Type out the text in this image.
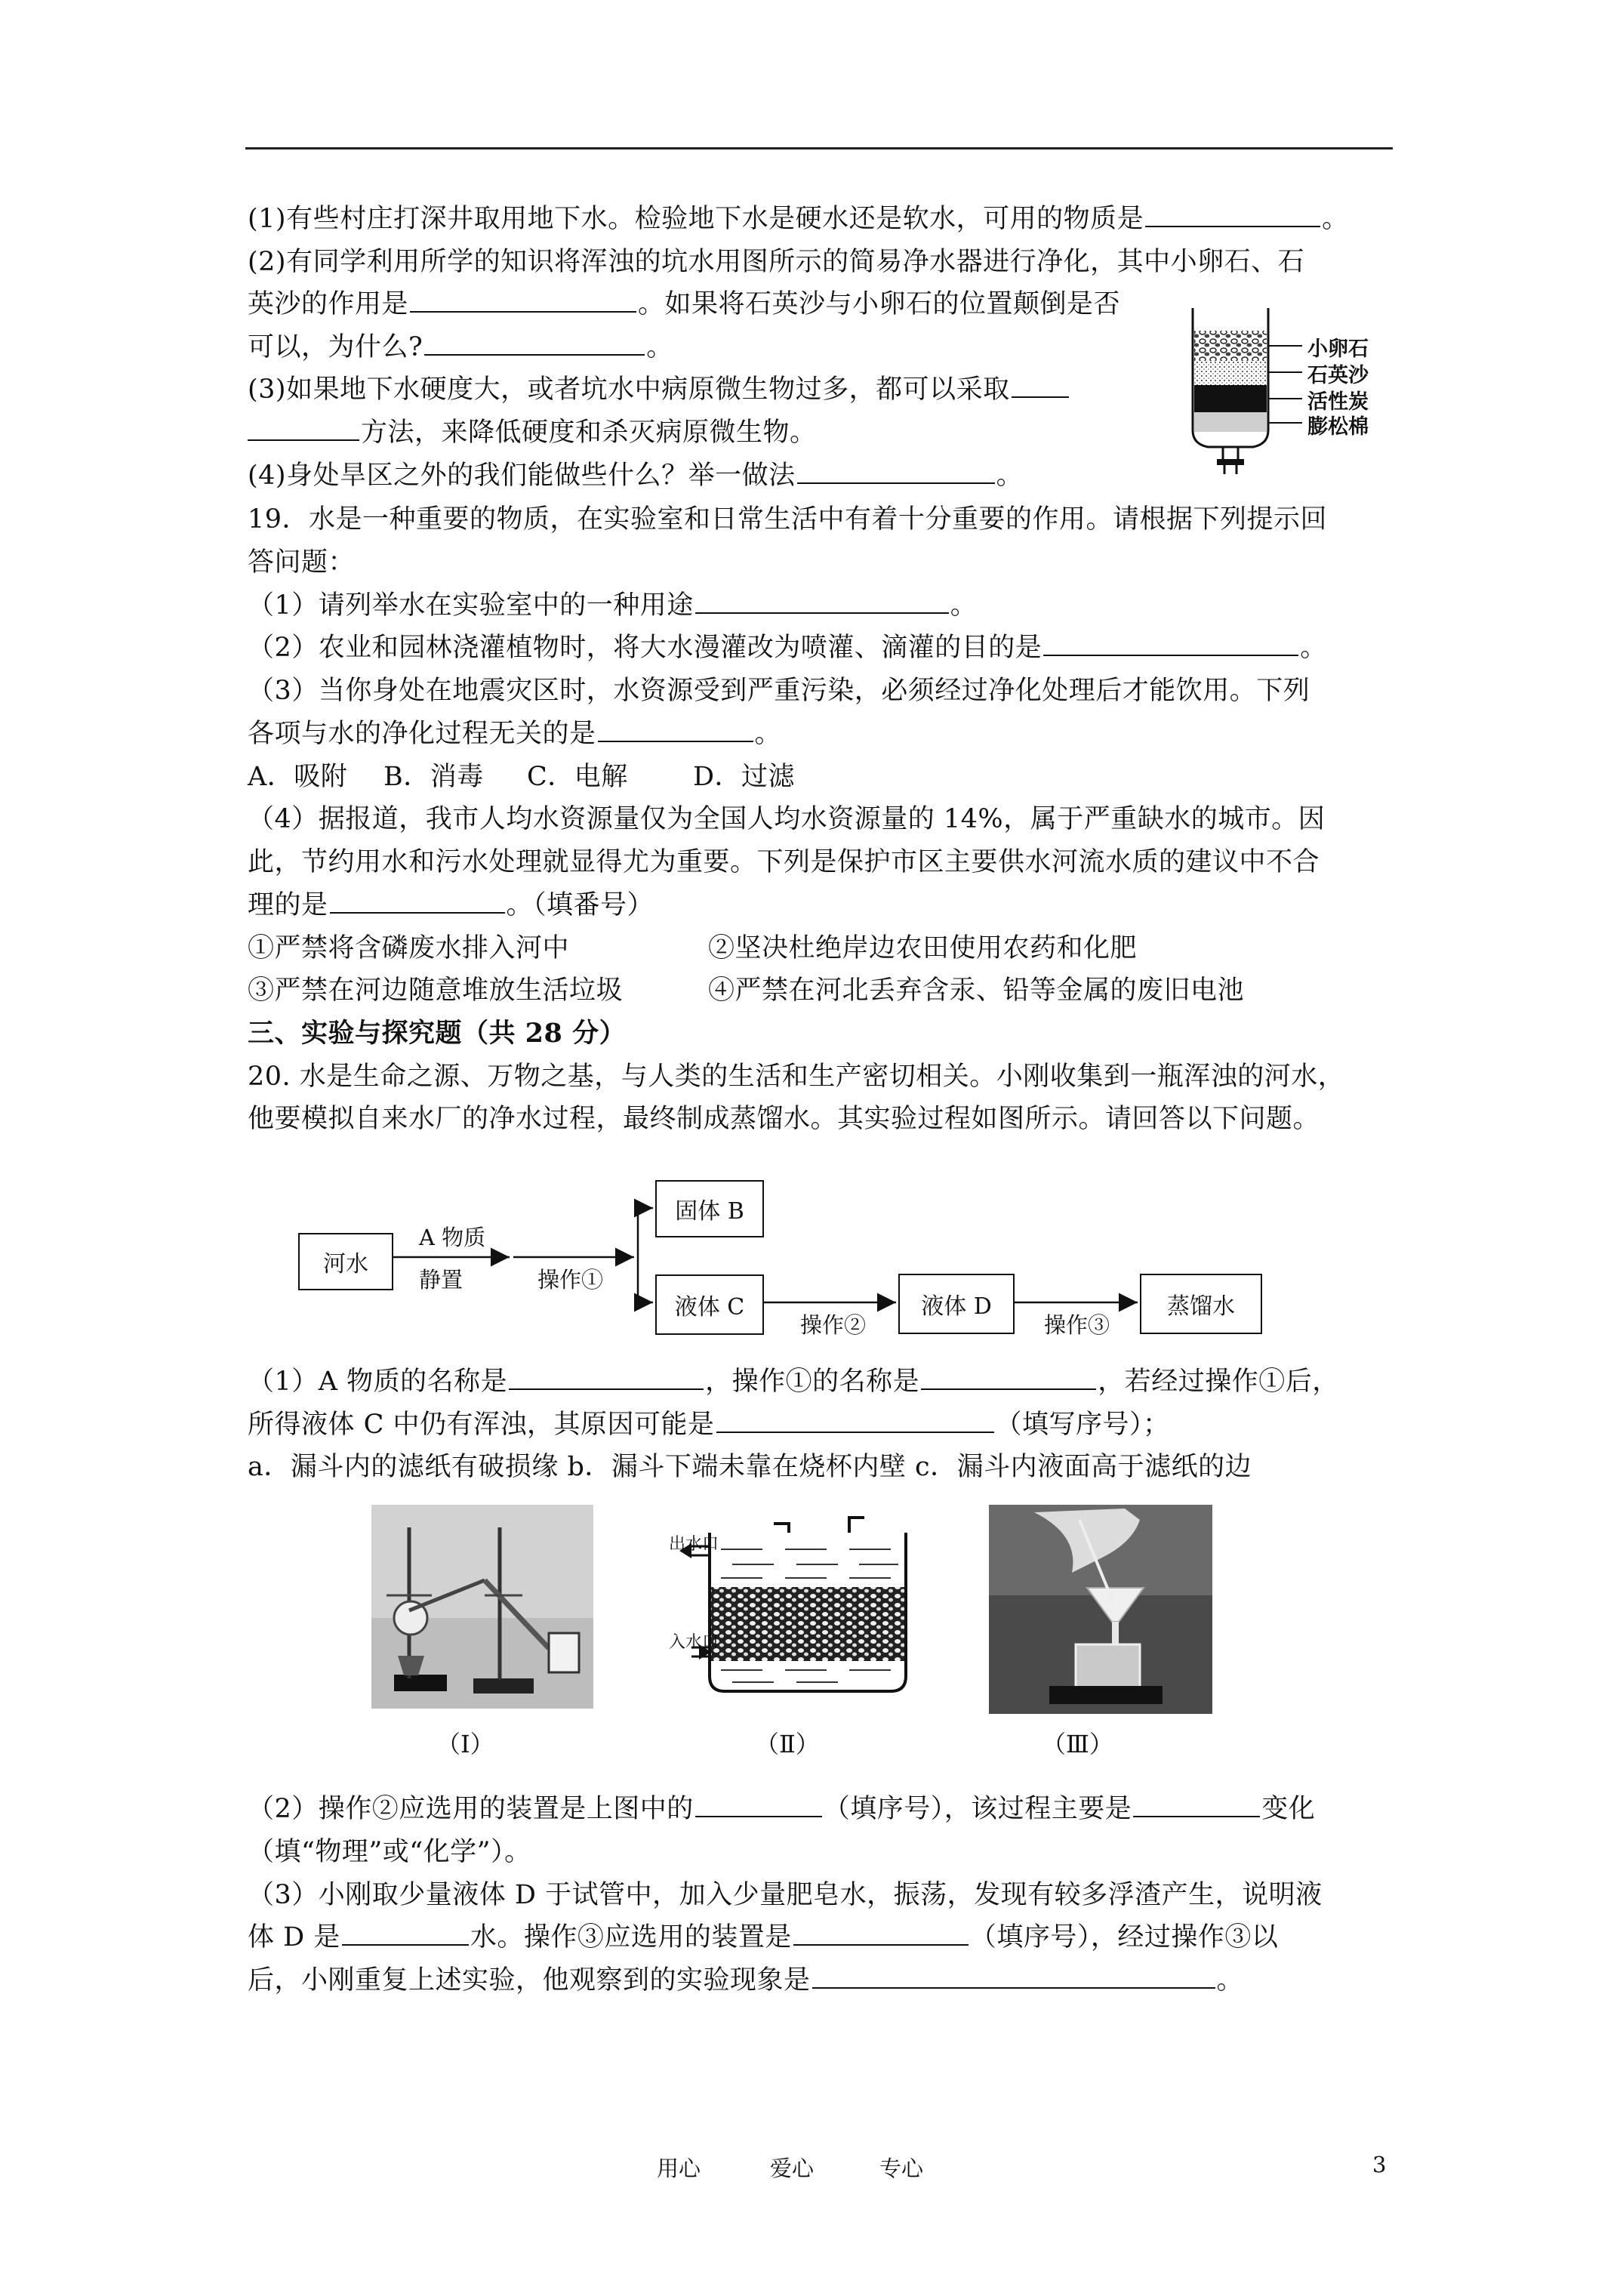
(1)有些村庄打深井取用地下水。检验地下水是硬水还是软水，可用的物质是	。
(2)有同学利用所学的知识将浑浊的坑水用图所示的简易净水器进行净化，其中小卵石、石
英沙的作用是	。如果将石英沙与小卵石的位置颠倒是否
可以，为什么?	。
(3)如果地下水硬度大，或者坑水中病原微生物过多，都可以采取
方法，来降低硬度和杀灭病原微生物。
(4)身处旱区之外的我们能做些什么？举一做法	。
小卵石
石英沙
活性炭
膨松棉
19．水是一种重要的物质，在实验室和日常生活中有着十分重要的作用。请根据下列提示回
答问题：
（1）请列举水在实验室中的一种用途	。
（2）农业和园林浇灌植物时，将大水漫灌改为喷灌、滴灌的目的是	。
（3）当你身处在地震灾区时，水资源受到严重污染，必须经过净化处理后才能饮用。下列
各项与水的净化过程无关的是	。
A．吸附 B．消毒 C．电解 D．过滤
（4）据报道，我市人均水资源量仅为全国人均水资源量的 14%，属于严重缺水的城市。因
此，节约用水和污水处理就显得尤为重要。下列是保护市区主要供水河流水质的建议中不合
理的是	。（填番号）
①严禁将含磷废水排入河中	②坚决杜绝岸边农田使用农药和化肥
③严禁在河边随意堆放生活垃圾	④严禁在河北丢弃含汞、铅等金属的废旧电池
三、实验与探究题（共 28 分）
20. 水是生命之源、万物之基，与人类的生活和生产密切相关。小刚收集到一瓶浑浊的河水，
他要模拟自来水厂的净水过程，最终制成蒸馏水。其实验过程如图所示。请回答以下问题。
河水
A 物质
静置	操作①
固体 B
液体 C
操作②
液体 D
操作③
蒸馏水
（1）A 物质的名称是	，操作①的名称是	，若经过操作①后，
所得液体 C 中仍有浑浊，其原因可能是	（填写序号）；
a．漏斗内的滤纸有破损缘 b．漏斗下端未靠在烧杯内壁 c．漏斗内液面高于滤纸的边
出水口
入水口
（Ⅰ）	（Ⅱ）	（Ⅲ）
（2）操作②应选用的装置是上图中的	（填序号），该过程主要是	变化
（填“物理”或“化学”）。
（3）小刚取少量液体 D 于试管中，加入少量肥皂水，振荡，发现有较多浮渣产生，说明液
体 D 是	水。操作③应选用的装置是	（填序号），经过操作③以
后，小刚重复上述实验，他观察到的实验现象是	。
用心	爱心	专心	3
